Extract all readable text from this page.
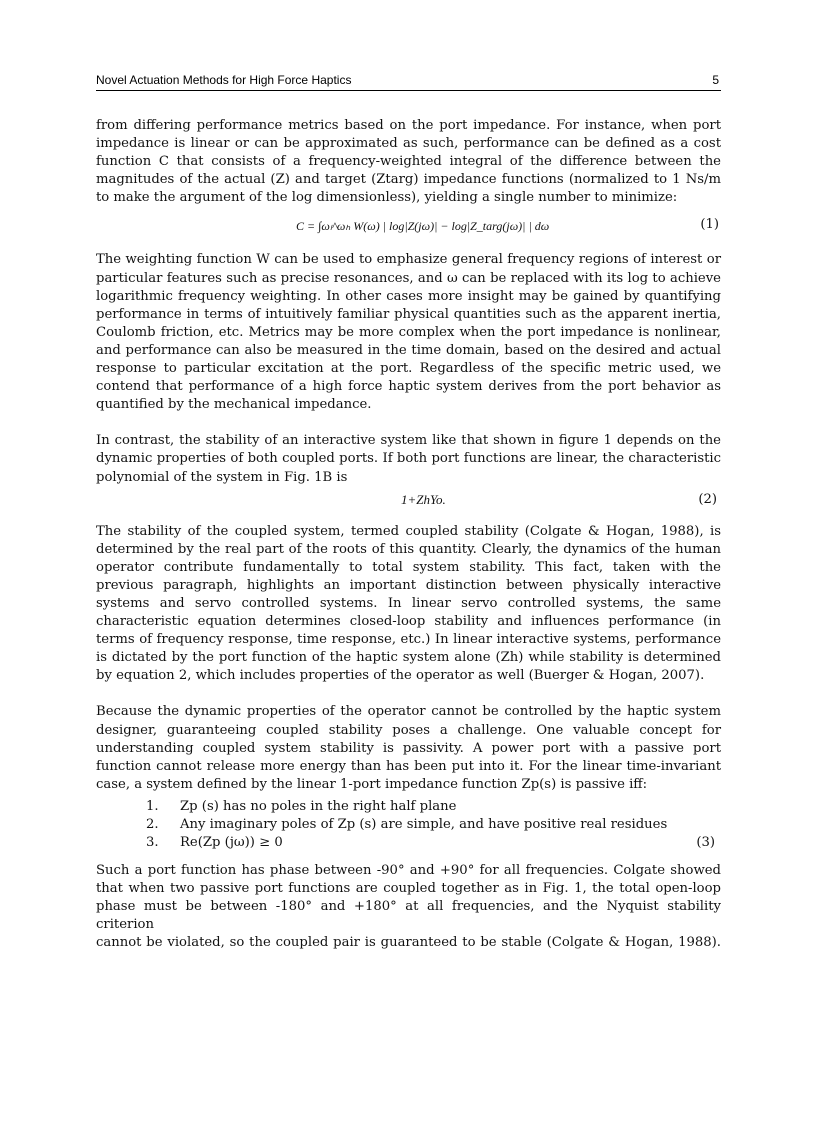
Novel Actuation Methods for High Force Haptics	5

from differing performance metrics based on the port impedance. For instance, when port
impedance is linear or can be approximated as such, performance can be defined as a cost
function C that consists of a frequency-weighted integral of the difference between the
magnitudes of the actual (Z) and target (Ztarg) impedance functions (normalized to 1 Ns/m
to make the argument of the log dimensionless), yielding a single number to minimize:

C = ∫ωₗ^ωₕ W(ω) | log|Z(jω)| − log|Z_targ(jω)| | dω	(1)

The weighting function W can be used to emphasize general frequency regions of interest or
particular features such as precise resonances, and ω can be replaced with its log to achieve
logarithmic frequency weighting. In other cases more insight may be gained by quantifying
performance in terms of intuitively familiar physical quantities such as the apparent inertia,
Coulomb friction, etc. Metrics may be more complex when the port impedance is nonlinear,
and performance can also be measured in the time domain, based on the desired and actual
response to particular excitation at the port. Regardless of the specific metric used, we
contend that performance of a high force haptic system derives from the port behavior as
quantified by the mechanical impedance.

In contrast, the stability of an interactive system like that shown in figure 1 depends on the
dynamic properties of both coupled ports. If both port functions are linear, the characteristic
polynomial of the system in Fig. 1B is

1+ZhYo.	(2)

The stability of the coupled system, termed coupled stability (Colgate & Hogan, 1988), is
determined by the real part of the roots of this quantity. Clearly, the dynamics of the human
operator contribute fundamentally to total system stability. This fact, taken with the
previous paragraph, highlights an important distinction between physically interactive
systems and servo controlled systems. In linear servo controlled systems, the same
characteristic equation determines closed-loop stability and influences performance (in
terms of frequency response, time response, etc.) In linear interactive systems, performance
is dictated by the port function of the haptic system alone (Zh) while stability is determined
by equation 2, which includes properties of the operator as well (Buerger & Hogan, 2007).

Because the dynamic properties of the operator cannot be controlled by the haptic system
designer, guaranteeing coupled stability poses a challenge. One valuable concept for
understanding coupled system stability is passivity. A power port with a passive port
function cannot release more energy than has been put into it. For the linear time-invariant
case, a system defined by the linear 1-port impedance function Zp(s) is passive iff:

1. Zp (s) has no poles in the right half plane
2. Any imaginary poles of Zp (s) are simple, and have positive real residues
3. Re(Zp (jω)) ≥ 0	(3)

Such a port function has phase between -90° and +90° for all frequencies. Colgate showed
that when two passive port functions are coupled together as in Fig. 1, the total open-loop
phase must be between -180° and +180° at all frequencies, and the Nyquist stability criterion
cannot be violated, so the coupled pair is guaranteed to be stable (Colgate & Hogan, 1988).
